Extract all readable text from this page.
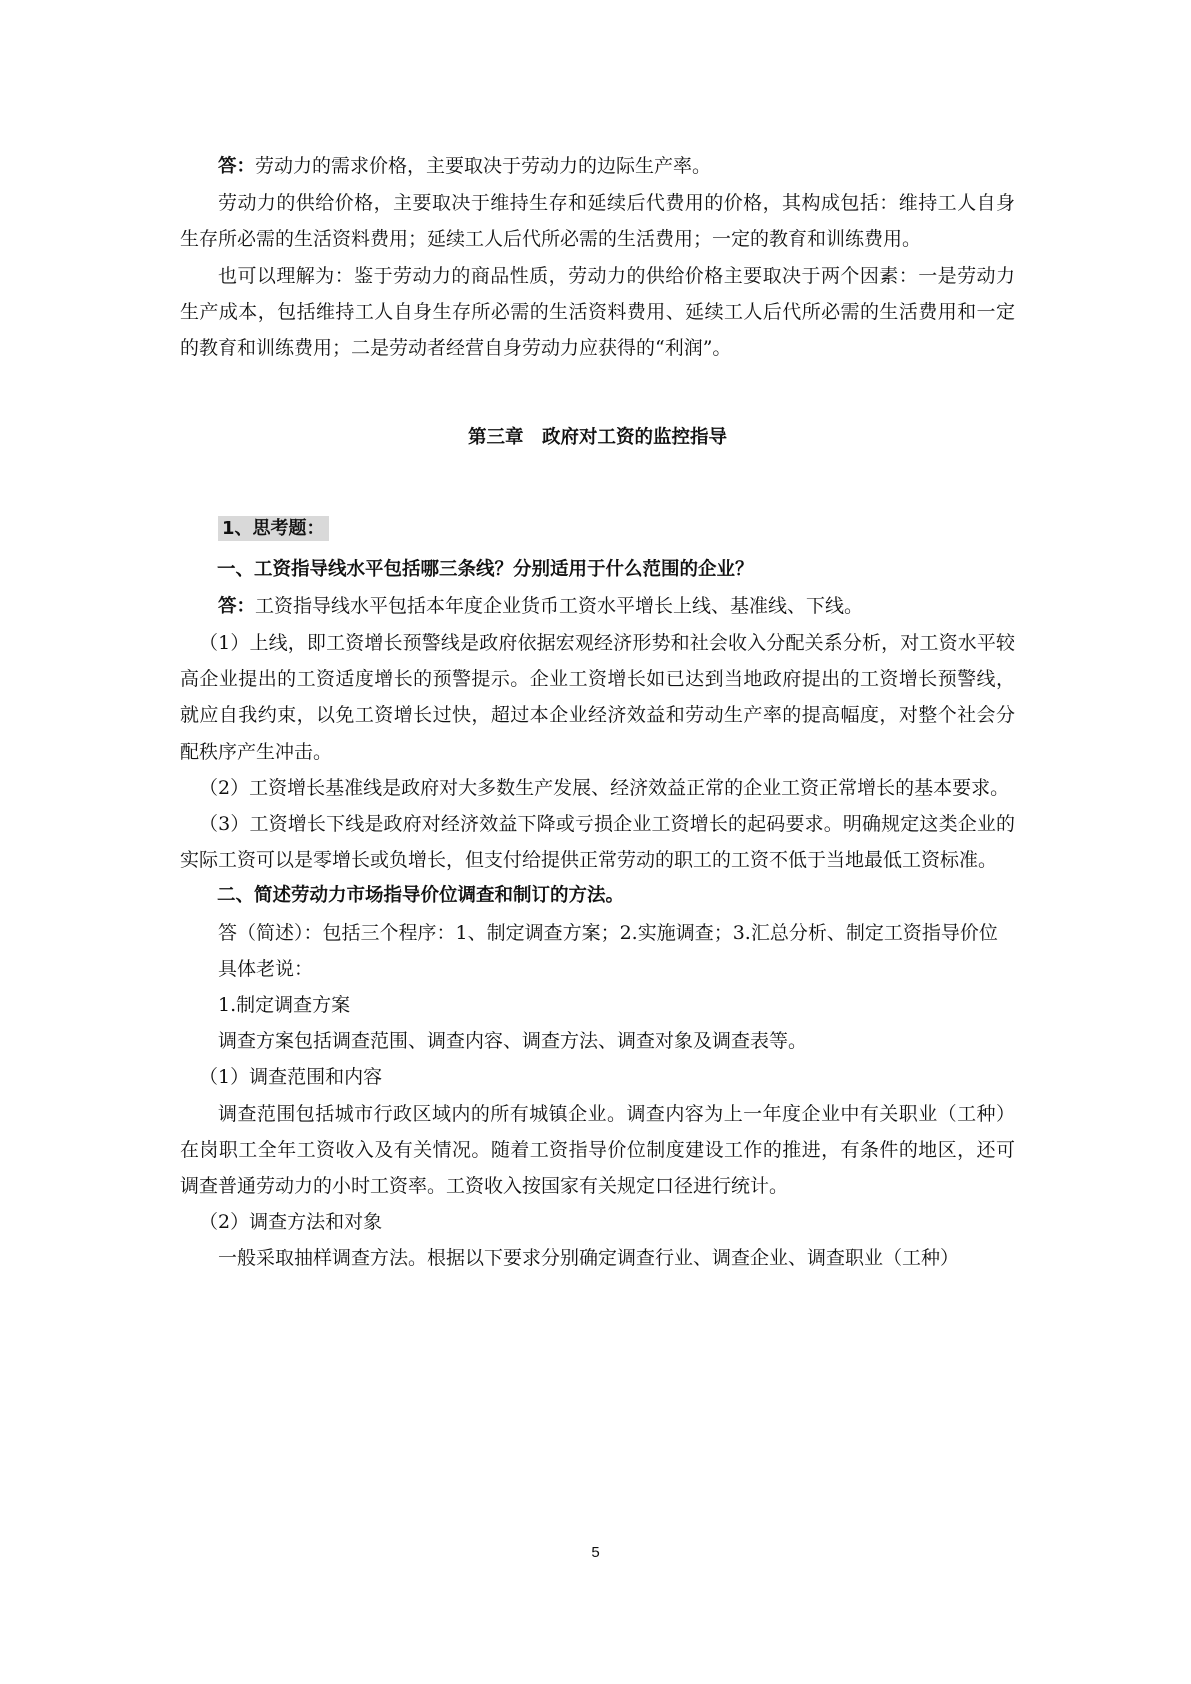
答：劳动力的需求价格，主要取决于劳动力的边际生产率。

劳动力的供给价格，主要取决于维持生存和延续后代费用的价格，其构成包括：维持工人自身生存所必需的生活资料费用；延续工人后代所必需的生活费用；一定的教育和训练费用。

也可以理解为：鉴于劳动力的商品性质，劳动力的供给价格主要取决于两个因素：一是劳动力生产成本，包括维持工人自身生存所必需的生活资料费用、延续工人后代所必需的生活费用和一定的教育和训练费用；二是劳动者经营自身劳动力应获得的“利润”。

第三章　政府对工资的监控指导

1、思考题：

一、工资指导线水平包括哪三条线？分别适用于什么范围的企业？

答：工资指导线水平包括本年度企业货币工资水平增长上线、基准线、下线。

（1）上线，即工资增长预警线是政府依据宏观经济形势和社会收入分配关系分析，对工资水平较高企业提出的工资适度增长的预警提示。企业工资增长如已达到当地政府提出的工资增长预警线，就应自我约束，以免工资增长过快，超过本企业经济效益和劳动生产率的提高幅度，对整个社会分配秩序产生冲击。

（2）工资增长基准线是政府对大多数生产发展、经济效益正常的企业工资正常增长的基本要求。

（3）工资增长下线是政府对经济效益下降或亏损企业工资增长的起码要求。明确规定这类企业的实际工资可以是零增长或负增长，但支付给提供正常劳动的职工的工资不低于当地最低工资标准。

二、简述劳动力市场指导价位调查和制订的方法。

答（简述）：包括三个程序：1、制定调查方案；2.实施调查；3.汇总分析、制定工资指导价位

具体老说：

1.制定调查方案

调查方案包括调查范围、调查内容、调查方法、调查对象及调查表等。

（1）调查范围和内容

调查范围包括城市行政区域内的所有城镇企业。调查内容为上一年度企业中有关职业（工种）在岗职工全年工资收入及有关情况。随着工资指导价位制度建设工作的推进，有条件的地区，还可调查普通劳动力的小时工资率。工资收入按国家有关规定口径进行统计。

（2）调查方法和对象

一般采取抽样调查方法。根据以下要求分别确定调查行业、调查企业、调查职业（工种）

5
